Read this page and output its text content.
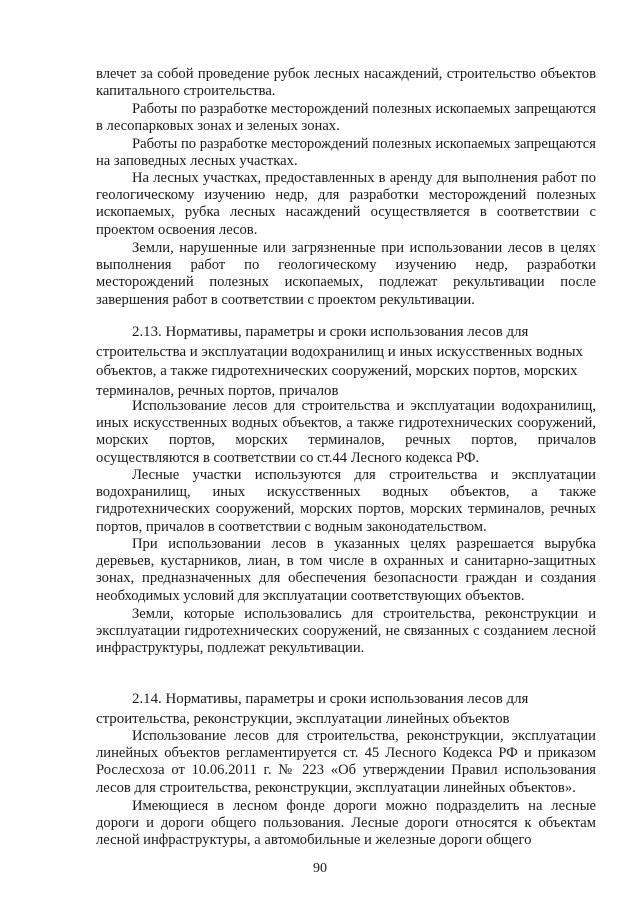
влечет за собой проведение рубок лесных насаждений, строительство объектов капитального строительства.

Работы по разработке месторождений полезных ископаемых запрещаются в лесопарковых зонах и зеленых зонах.

Работы по разработке месторождений полезных ископаемых запрещаются на заповедных лесных участках.

На лесных участках, предоставленных в аренду для выполнения работ по геологическому изучению недр, для разработки месторождений полезных ископаемых, рубка лесных насаждений осуществляется в соответствии с проектом освоения лесов.

Земли, нарушенные или загрязненные при использовании лесов в целях выполнения работ по геологическому изучению недр, разработки месторождений полезных ископаемых, подлежат рекультивации после завершения работ в соответствии с проектом рекультивации.

2.13. Нормативы, параметры и сроки использования лесов для строительства и эксплуатации водохранилищ и иных искусственных водных объектов, а также гидротехнических сооружений, морских портов, морских терминалов, речных портов, причалов

Использование лесов для строительства и эксплуатации водохранилищ, иных искусственных водных объектов, а также гидротехнических сооружений, морских портов, морских терминалов, речных портов, причалов осуществляются в соответствии со ст.44 Лесного кодекса РФ.

Лесные участки используются для строительства и эксплуатации водохранилищ, иных искусственных водных объектов, а также гидротехнических сооружений, морских портов, морских терминалов, речных портов, причалов в соответствии с водным законодательством.

При использовании лесов в указанных целях разрешается вырубка деревьев, кустарников, лиан, в том числе в охранных и санитарно-защитных зонах, предназначенных для обеспечения безопасности граждан и создания необходимых условий для эксплуатации соответствующих объектов.

Земли, которые использовались для строительства, реконструкции и эксплуатации гидротехнических сооружений, не связанных с созданием лесной инфраструктуры, подлежат рекультивации.

2.14. Нормативы, параметры и сроки использования лесов для строительства, реконструкции, эксплуатации линейных объектов

Использование лесов для строительства, реконструкции, эксплуатации линейных объектов регламентируется ст. 45 Лесного Кодекса РФ и приказом Рослесхоза от 10.06.2011 г. № 223 «Об утверждении Правил использования лесов для строительства, реконструкции, эксплуатации линейных объектов».

Имеющиеся в лесном фонде дороги можно подразделить на лесные дороги и дороги общего пользования. Лесные дороги относятся к объектам лесной инфраструктуры, а автомобильные и железные дороги общего

90
